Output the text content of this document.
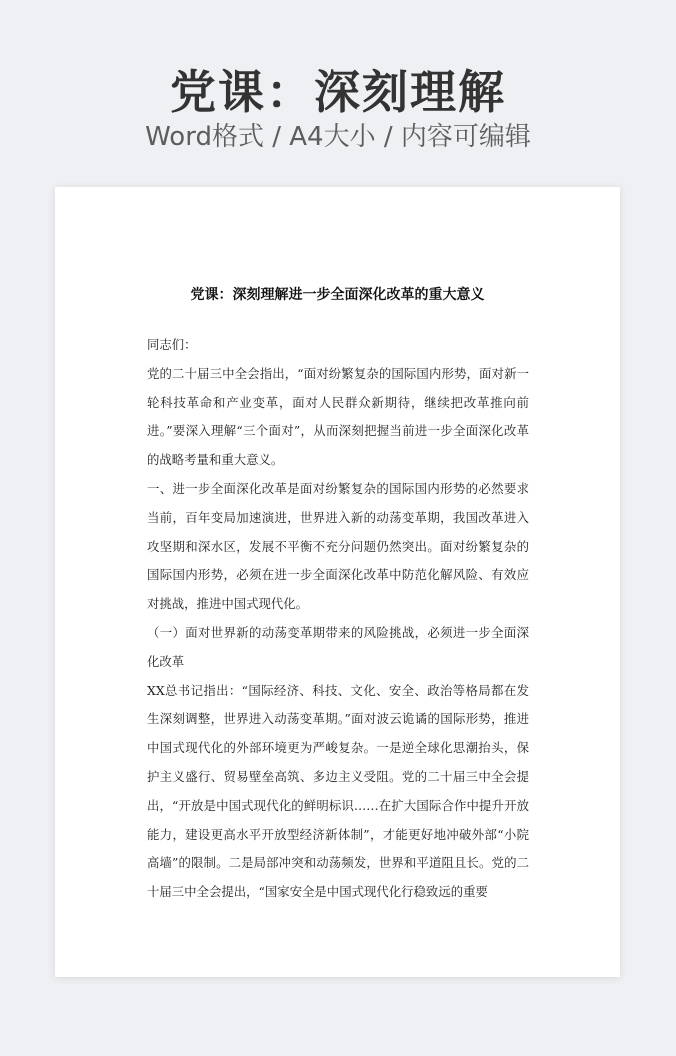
党课：深刻理解
Word格式 / A4大小 / 内容可编辑
党课：深刻理解进一步全面深化改革的重大意义

同志们：

党的二十届三中全会指出，“面对纷繁复杂的国际国内形势，面对新一轮科技革命和产业变革，面对人民群众新期待，继续把改革推向前进。”要深入理解“三个面对”，从而深刻把握当前进一步全面深化改革的战略考量和重大意义。

一、进一步全面深化改革是面对纷繁复杂的国际国内形势的必然要求当前，百年变局加速演进，世界进入新的动荡变革期，我国改革进入攻坚期和深水区，发展不平衡不充分问题仍然突出。面对纷繁复杂的国际国内形势，必须在进一步全面深化改革中防范化解风险、有效应对挑战，推进中国式现代化。

（一）面对世界新的动荡变革期带来的风险挑战，必须进一步全面深化改革

XX总书记指出：“国际经济、科技、文化、安全、政治等格局都在发生深刻调整，世界进入动荡变革期。”面对波云诡谲的国际形势，推进中国式现代化的外部环境更为严峻复杂。一是逆全球化思潮抬头，保护主义盛行、贸易壁垒高筑、多边主义受阻。党的二十届三中全会提出，“开放是中国式现代化的鲜明标识……在扩大国际合作中提升开放能力，建设更高水平开放型经济新体制”，才能更好地冲破外部“小院高墙”的限制。二是局部冲突和动荡频发，世界和平道阻且长。党的二十届三中全会提出，“国家安全是中国式现代化行稳致远的重要
